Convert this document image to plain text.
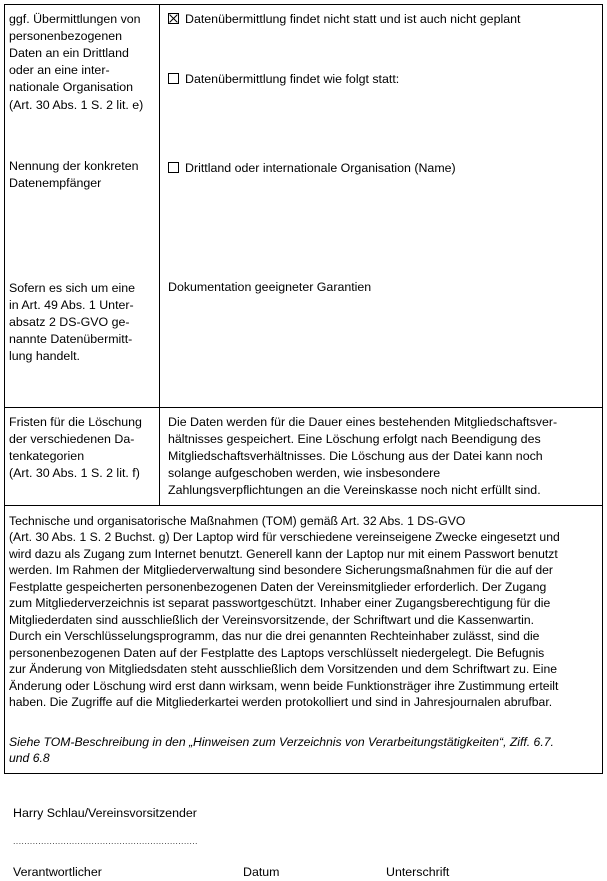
ggf. Übermittlungen von
personenbezogenen
Daten an ein Drittland
oder an eine inter-
nationale Organisation
(Art. 30 Abs. 1 S. 2 lit. e)
Datenübermittlung findet nicht statt und ist auch nicht geplant
Datenübermittlung findet wie folgt statt:
Nennung der konkreten
Datenempfänger
Drittland oder internationale Organisation (Name)
Sofern es sich um eine
in Art. 49 Abs. 1 Unter-
absatz 2 DS-GVO ge-
nannte Datenübermitt-
lung handelt.
Dokumentation geeigneter Garantien
Fristen für die Löschung
der verschiedenen Da-
tenkategorien
(Art. 30 Abs. 1 S. 2 lit. f)
Die Daten werden für die Dauer eines bestehenden Mitgliedschaftsver-
hältnisses gespeichert. Eine Löschung erfolgt nach Beendigung des
Mitgliedschaftsverhältnisses. Die Löschung aus der Datei kann noch
solange aufgeschoben werden, wie insbesondere
Zahlungsverpflichtungen an die Vereinskasse noch nicht erfüllt sind.
Technische und organisatorische Maßnahmen (TOM) gemäß Art. 32 Abs. 1 DS-GVO
(Art. 30 Abs. 1 S. 2 Buchst. g) Der Laptop wird für verschiedene vereinseigene Zwecke eingesetzt und
wird dazu als Zugang zum Internet benutzt. Generell kann der Laptop nur mit einem Passwort benutzt
werden. Im Rahmen der Mitgliederverwaltung sind besondere Sicherungsmaßnahmen für die auf der
Festplatte gespeicherten personenbezogenen Daten der Vereinsmitglieder erforderlich. Der Zugang
zum Mitgliederverzeichnis ist separat passwortgeschützt. Inhaber einer Zugangsberechtigung für die
Mitgliederdaten sind ausschließlich der Vereinsvorsitzende, der Schriftwart und die Kassenwartin.
Durch ein Verschlüsselungsprogramm, das nur die drei genannten Rechteinhaber zulässt, sind die
personenbezogenen Daten auf der Festplatte des Laptops verschlüsselt niedergelegt. Die Befugnis
zur Änderung von Mitgliedsdaten steht ausschließlich dem Vorsitzenden und dem Schriftwart zu. Eine
Änderung oder Löschung wird erst dann wirksam, wenn beide Funktionsträger ihre Zustimmung erteilt
haben. Die Zugriffe auf die Mitgliederkartei werden protokolliert und sind in Jahresjournalen abrufbar.
Siehe TOM-Beschreibung in den „Hinweisen zum Verzeichnis von Verarbeitungstätigkeiten“, Ziff. 6.7.
und 6.8
Harry Schlau/Vereinsvorsitzender
..................................................................
Verantwortlicher	Datum	Unterschrift
